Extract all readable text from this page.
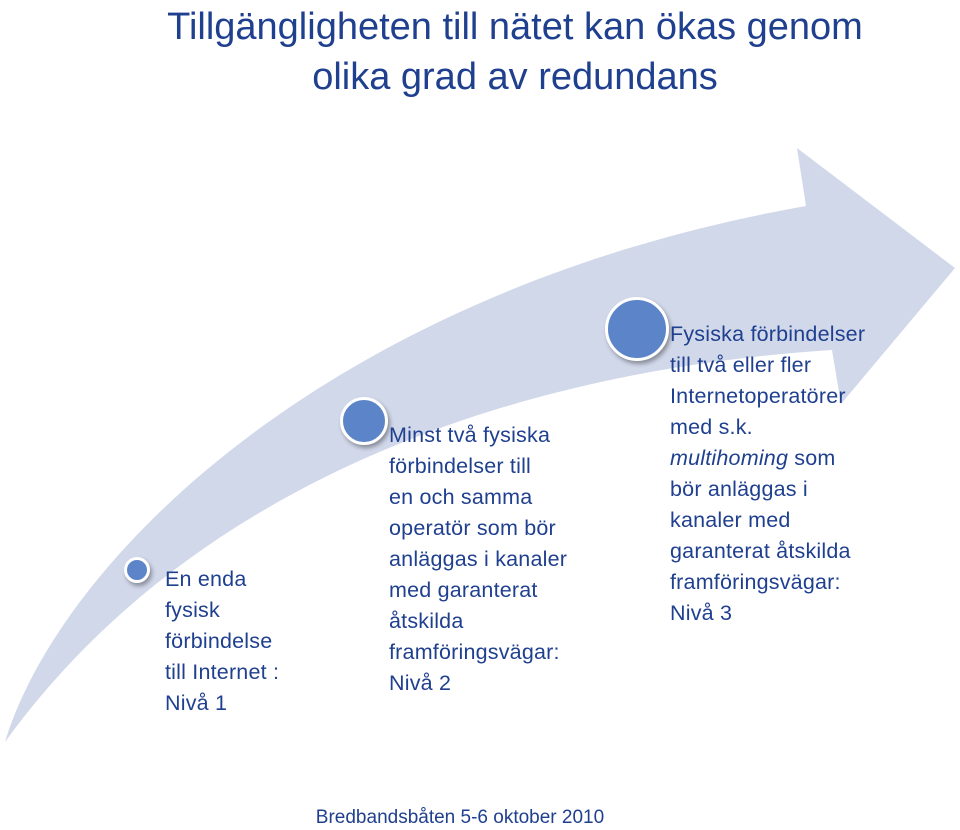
Tillgängligheten till nätet kan ökas genom
olika grad av redundans
En enda
fysisk
förbindelse
till Internet :
Nivå 1
Minst två fysiska
förbindelser till
en och samma
operatör som bör
anläggas i kanaler
med garanterat
åtskilda
framföringsvägar:
Nivå 2
Fysiska förbindelser
till två eller fler
Internetoperatörer
med s.k.
multihoming som
bör anläggas i
kanaler med
garanterat åtskilda
framföringsvägar:
Nivå 3
Bredbandsbåten 5-6 oktober 2010
